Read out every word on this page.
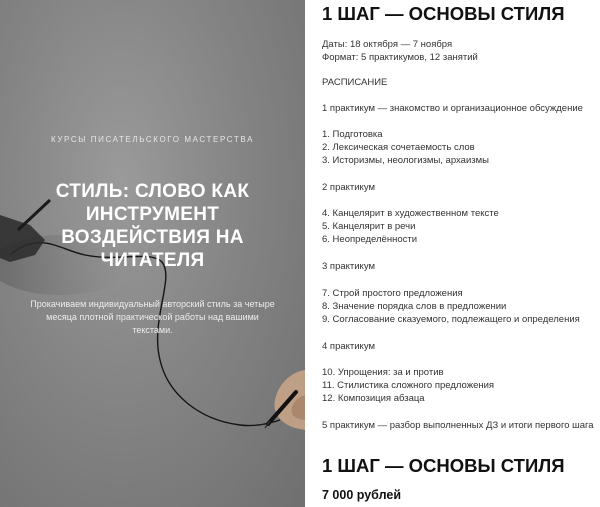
КУРСЫ ПИСАТЕЛЬСКОГО МАСТЕРСТВА
СТИЛЬ: СЛОВО КАК ИНСТРУМЕНТ ВОЗДЕЙСТВИЯ НА ЧИТАТЕЛЯ
Прокачиваем индивидуальный авторский стиль за четыре месяца плотной практической работы над вашими текстами.
1 ШАГ — ОСНОВЫ СТИЛЯ
Даты: 18 октября — 7 ноября
Формат: 5 практикумов, 12 занятий
РАСПИСАНИЕ
1 практикум — знакомство и организационное обсуждение
1. Подготовка
2. Лексическая сочетаемость слов
3. Историзмы, неологизмы, архаизмы
2 практикум
4. Канцелярит в художественном тексте
5. Канцелярит в речи
6. Неопределённости
3 практикум
7. Строй простого предложения
8. Значение порядка слов в предложении
9. Согласование сказуемого, подлежащего и определения
4 практикум
10. Упрощения: за и против
11. Стилистика сложного предложения
12. Композиция абзаца
5 практикум — разбор выполненных ДЗ и итоги первого шага
1 ШАГ — ОСНОВЫ СТИЛЯ
7 000 рублей
